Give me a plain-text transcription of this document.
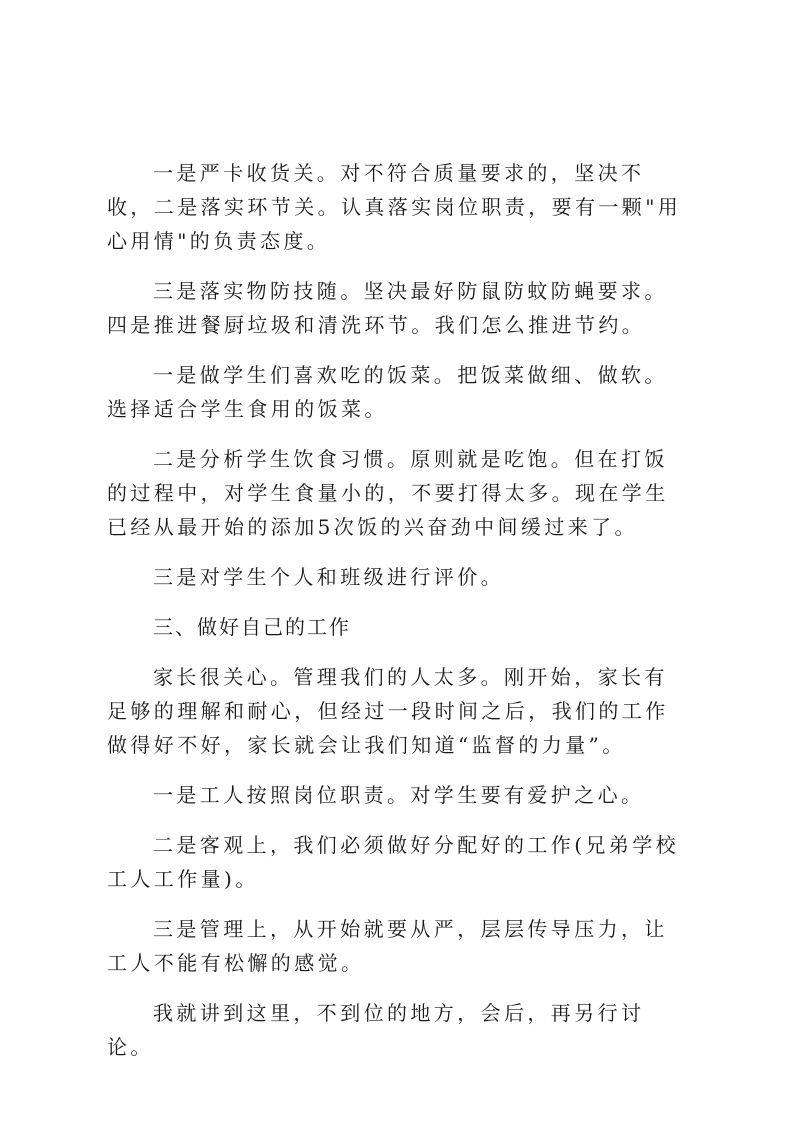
一是严卡收货关。对不符合质量要求的，坚决不收，二是落实环节关。认真落实岗位职责，要有一颗"用心用情"的负责态度。

三是落实物防技随。坚决最好防鼠防蚊防蝇要求。四是推进餐厨垃圾和清洗环节。我们怎么推进节约。

一是做学生们喜欢吃的饭菜。把饭菜做细、做软。选择适合学生食用的饭菜。

二是分析学生饮食习惯。原则就是吃饱。但在打饭的过程中，对学生食量小的，不要打得太多。现在学生已经从最开始的添加5次饭的兴奋劲中间缓过来了。

三是对学生个人和班级进行评价。

三、做好自己的工作

家长很关心。管理我们的人太多。刚开始，家长有足够的理解和耐心，但经过一段时间之后，我们的工作做得好不好，家长就会让我们知道“监督的力量”。

一是工人按照岗位职责。对学生要有爱护之心。

二是客观上，我们必须做好分配好的工作(兄弟学校工人工作量)。

三是管理上，从开始就要从严，层层传导压力，让工人不能有松懈的感觉。

我就讲到这里，不到位的地方，会后，再另行讨论。
